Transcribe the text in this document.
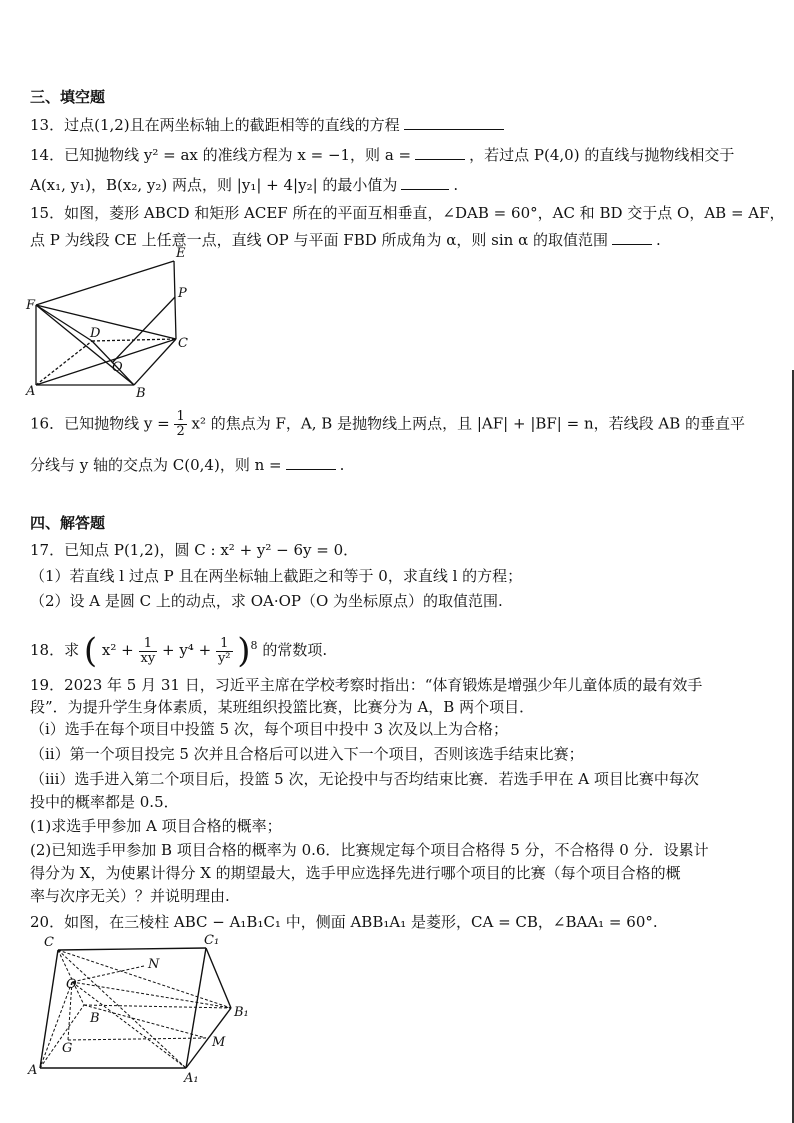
三、填空题
13．过点(1,2)且在两坐标轴上的截距相等的直线的方程
14．已知抛物线 y² = ax 的准线方程为 x = −1，则 a =	，若过点 P(4,0) 的直线与抛物线相交于
A(x₁, y₁)，B(x₂, y₂) 两点，则 |y₁| + 4|y₂| 的最小值为	.
15．如图，菱形 ABCD 和矩形 ACEF 所在的平面互相垂直，∠DAB = 60°，AC 和 BD 交于点 O，AB = AF，
点 P 为线段 CE 上任意一点，直线 OP 与平面 FBD 所成角为 α，则 sin α 的取值范围	.
E
P
F
D
C
O
A	B
16．已知抛物线 $y = \frac{1}{2} x^2$ 的焦点为 F，A, B 是抛物线上两点，且 |AF| + |BF| = n，若线段 AB 的垂直平
分线与 y 轴的交点为 C(0,4)，则 n =	.
四、解答题
17．已知点 P(1,2)，圆 C : x² + y² − 6y = 0．
（1）若直线 l 过点 P 且在两坐标轴上截距之和等于 0，求直线 l 的方程；
（2）设 A 是圆 C 上的动点，求 OA·OP（O 为坐标原点）的取值范围.
18．求 ( $x^2 + \frac{1}{xy} + y^4 + \frac{1}{\text{y²}} )^8$ 的常数项.
19．2023 年 5 月 31 日，习近平主席在学校考察时指出：“体育锻炼是增强少年儿童体质的最有效手
段”．为提升学生身体素质，某班组织投篮比赛，比赛分为 A，B 两个项目．
（i）选手在每个项目中投篮 5 次，每个项目中投中 3 次及以上为合格；
（ii）第一个项目投完 5 次并且合格后可以进入下一个项目，否则该选手结束比赛；
（iii）选手进入第二个项目后，投篮 5 次，无论投中与否均结束比赛．若选手甲在 A 项目比赛中每次
投中的概率都是 0.5．
(1)求选手甲参加 A 项目合格的概率；
(2)已知选手甲参加 B 项目合格的概率为 0.6．比赛规定每个项目合格得 5 分，不合格得 0 分．设累计
得分为 X，为使累计得分 X 的期望最大，选手甲应选择先进行哪个项目的比赛（每个项目合格的概
率与次序无关）？并说明理由.
20．如图，在三棱柱 ABC − A₁B₁C₁ 中，侧面 ABB₁A₁ 是菱形，CA = CB，∠BAA₁ = 60°.
C	C₁
N
O
B₁
B
G	M
A
A₁
